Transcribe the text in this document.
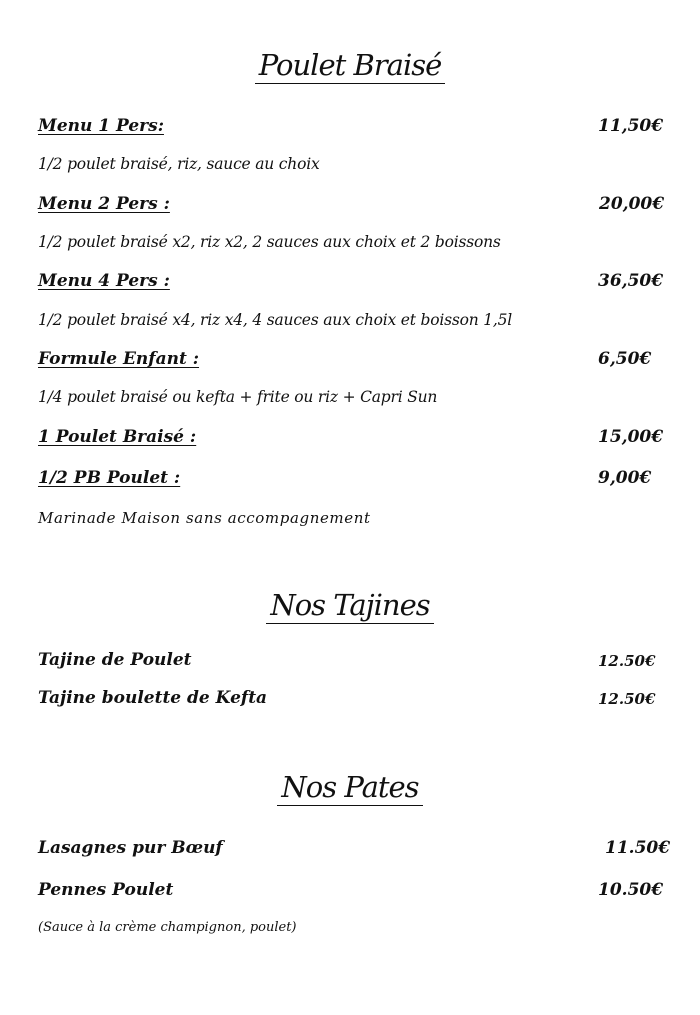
Poulet Braisé
Menu 1 Pers:	11,50€
1/2 poulet braisé, riz, sauce au choix
Menu 2 Pers :	20,00€
1/2 poulet braisé x2, riz x2, 2 sauces aux choix et 2 boissons
Menu 4 Pers :	36,50€
1/2 poulet braisé x4, riz x4, 4 sauces aux choix et boisson 1,5l
Formule Enfant :	6,50€
1/4 poulet braisé ou kefta + frite ou riz + Capri Sun
1 Poulet Braisé :	15,00€
1/2 PB Poulet :	9,00€
Marinade Maison sans accompagnement
Nos Tajines
Tajine de Poulet	12.50€
Tajine boulette de Kefta	12.50€
Nos Pates
Lasagnes pur Bœuf	11.50€
Pennes Poulet	10.50€
(Sauce à la crème champignon, poulet)
